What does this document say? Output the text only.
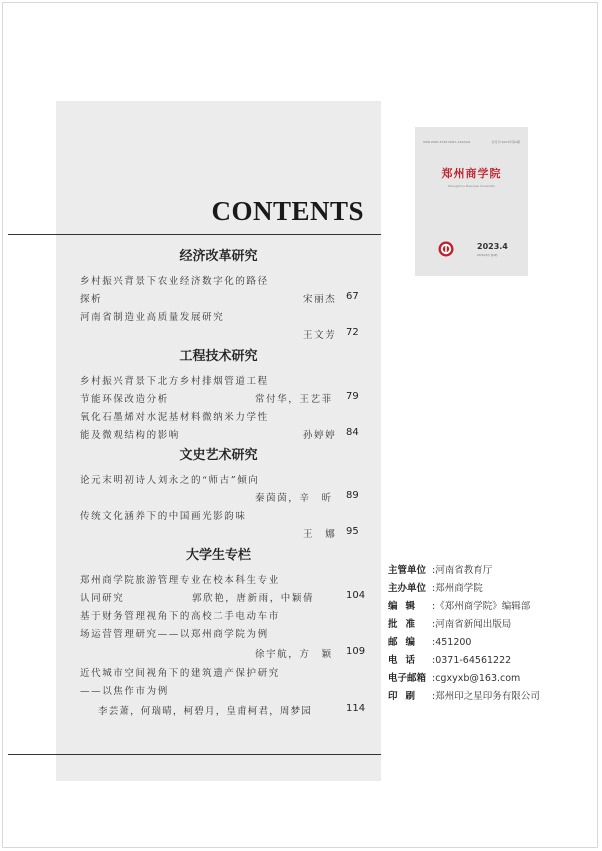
CONTENTS
经济改革研究
乡村振兴背景下农业经济数字化的路径
探析	宋丽杰 67
河南省制造业高质量发展研究
王文芳 72
工程技术研究
乡村振兴背景下北方乡村排烟管道工程
节能环保改造分析	常付华，王艺菲 79
氧化石墨烯对水泥基材料微纳米力学性
能及微观结构的影响	孙婷婷 84
文史艺术研究
论元末明初诗人刘永之的“师古”倾向
秦茵茵，辛　昕 89
传统文化涵养下的中国画光影韵味
王　娜 95
大学生专栏
郑州商学院旅游管理专业在校本科生专业
认同研究	郭欣艳，唐新雨，中颖倩	104
基于财务管理视角下的高校二手电动车市
场运营管理研究——以郑州商学院为例
徐宇航，方　颖 109
近代城市空间视角下的建筑遗产保护研究
——以焦作市为例
李芸萧，何瑞晴，柯碧月，皇甫柯君，周梦园	114
ISSN 2097-4728 CN41-1452/G4	双月刊 2023年第4期
郑州商学院
Zhengzhou Business University
2023.4
2023年8月 第4期
主管单位 :河南省教育厅
主办单位 :郑州商学院
编辑 :《郑州商学院》编辑部
批准 :河南省新闻出版局
邮编 :451200
电话 :0371-64561222
电子邮箱 :cgxyxb@163.com
印刷 :郑州印之星印务有限公司
